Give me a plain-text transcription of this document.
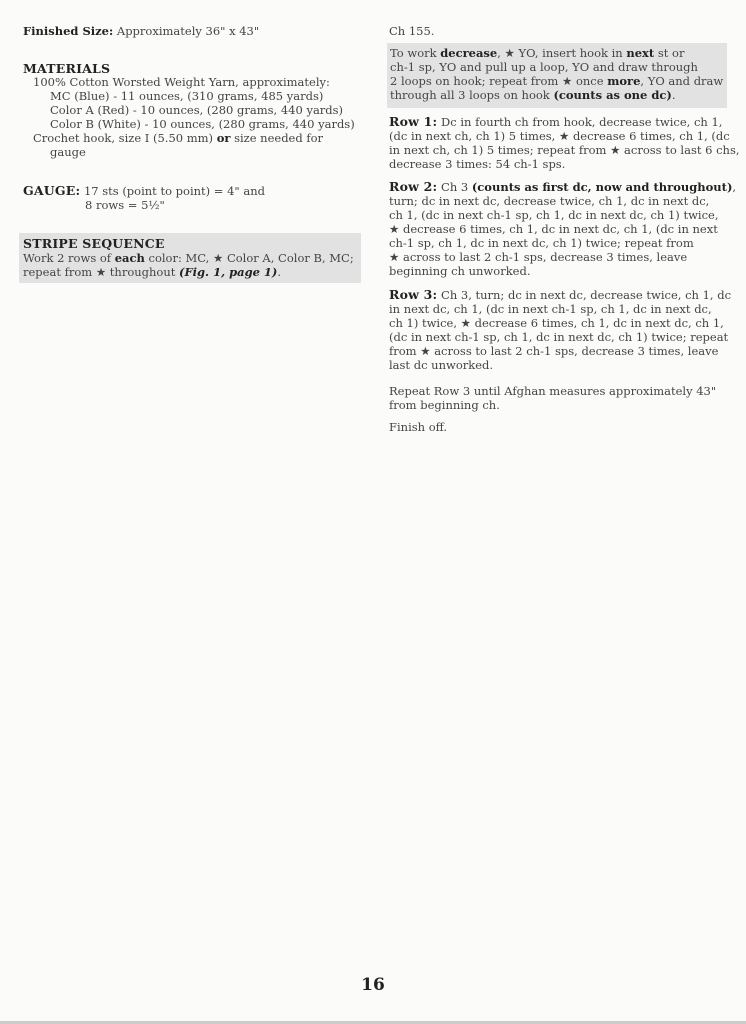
Finished Size: Approximately 36" x 43"

MATERIALS

100% Cotton Worsted Weight Yarn, approximately:

MC (Blue) - 11 ounces, (310 grams, 485 yards)

Color A (Red) - 10 ounces, (280 grams, 440 yards)

Color B (White) - 10 ounces, (280 grams, 440 yards)

Crochet hook, size I (5.50 mm) or size needed for

gauge

GAUGE: 17 sts (point to point) = 4" and

8 rows = 5½"

STRIPE SEQUENCE

Work 2 rows of each color: MC, ★ Color A, Color B, MC;

repeat from ★ throughout (Fig. 1, page 1).

Ch 155.

To work decrease, ★ YO, insert hook in next st or

ch-1 sp, YO and pull up a loop, YO and draw through

2 loops on hook; repeat from ★ once more, YO and draw

through all 3 loops on hook (counts as one dc).

Row 1: Dc in fourth ch from hook, decrease twice, ch 1,

(dc in next ch, ch 1) 5 times, ★ decrease 6 times, ch 1, (dc

in next ch, ch 1) 5 times; repeat from ★ across to last 6 chs,

decrease 3 times: 54 ch-1 sps.

Row 2: Ch 3 (counts as first dc, now and throughout),

turn; dc in next dc, decrease twice, ch 1, dc in next dc,

ch 1, (dc in next ch-1 sp, ch 1, dc in next dc, ch 1) twice,

★ decrease 6 times, ch 1, dc in next dc, ch 1, (dc in next

ch-1 sp, ch 1, dc in next dc, ch 1) twice; repeat from

★ across to last 2 ch-1 sps, decrease 3 times, leave

beginning ch unworked.

Row 3: Ch 3, turn; dc in next dc, decrease twice, ch 1, dc

in next dc, ch 1, (dc in next ch-1 sp, ch 1, dc in next dc,

ch 1) twice, ★ decrease 6 times, ch 1, dc in next dc, ch 1,

(dc in next ch-1 sp, ch 1, dc in next dc, ch 1) twice; repeat

from ★ across to last 2 ch-1 sps, decrease 3 times, leave

last dc unworked.

Repeat Row 3 until Afghan measures approximately 43"

from beginning ch.

Finish off.

16
